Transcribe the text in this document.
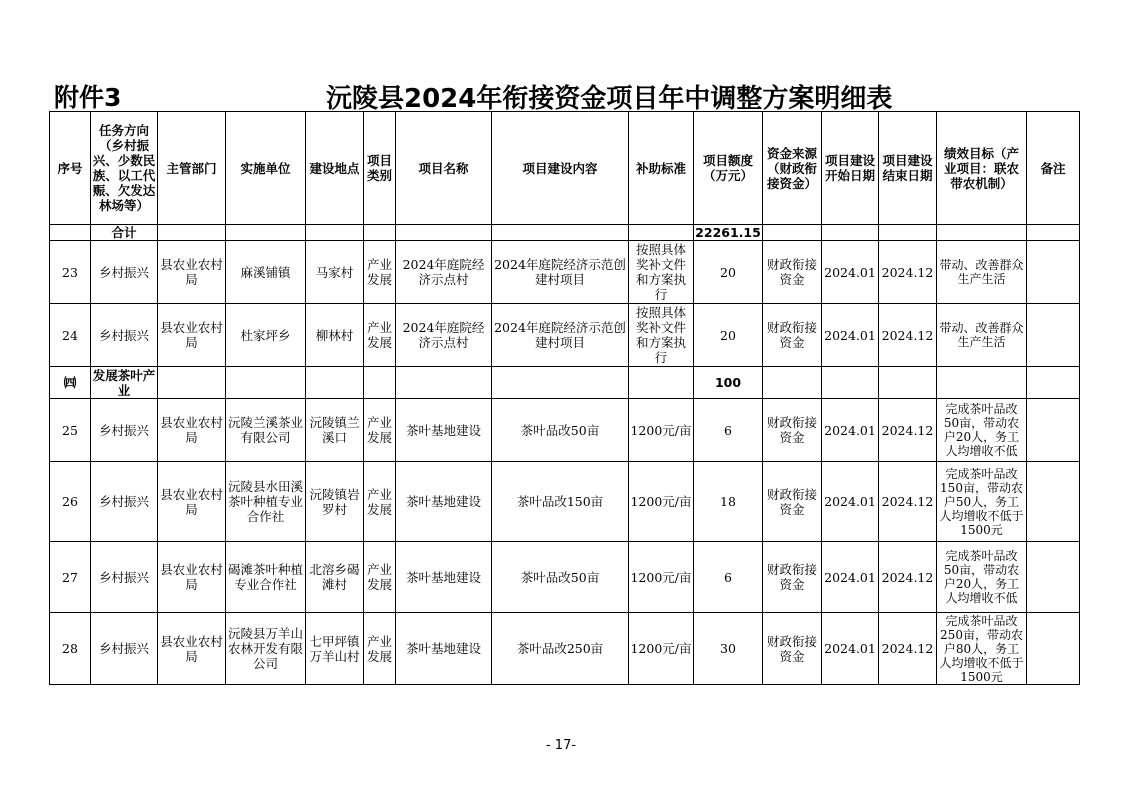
附件3	沅陵县2024年衔接资金项目年中调整方案明细表
序号	任务方向（乡村振兴、少数民族、以工代赈、欠发达林场等）	主管部门	实施单位	建设地点	项目类别	项目名称	项目建设内容	补助标准	项目额度（万元）	资金来源（财政衔接资金）	项目建设开始日期	项目建设结束日期	绩效目标（产业项目：联农带农机制）	备注
	合计								22261.15					
23	乡村振兴	县农业农村局	麻溪铺镇	马家村	产业发展	2024年庭院经济示点村	2024年庭院经济示范创建村项目	按照具体奖补文件和方案执行	20	财政衔接资金	2024.01	2024.12	带动、改善群众生产生活	
24	乡村振兴	县农业农村局	杜家坪乡	柳林村	产业发展	2024年庭院经济示点村	2024年庭院经济示范创建村项目	按照具体奖补文件和方案执行	20	财政衔接资金	2024.01	2024.12	带动、改善群众生产生活	
㈣	发展茶叶产业								100					
25	乡村振兴	县农业农村局	沅陵兰溪茶业有限公司	沅陵镇兰溪口	产业发展	茶叶基地建设	茶叶品改50亩	1200元/亩	6	财政衔接资金	2024.01	2024.12	完成茶叶品改50亩，带动农户20人，务工人均增收不低	
26	乡村振兴	县农业农村局	沅陵县水田溪茶叶种植专业合作社	沅陵镇岩罗村	产业发展	茶叶基地建设	茶叶品改150亩	1200元/亩	18	财政衔接资金	2024.01	2024.12	完成茶叶品改150亩，带动农户50人，务工人均增收不低于1500元	
27	乡村振兴	县农业农村局	碣滩茶叶种植专业合作社	北溶乡碣滩村	产业发展	茶叶基地建设	茶叶品改50亩	1200元/亩	6	财政衔接资金	2024.01	2024.12	完成茶叶品改50亩，带动农户20人，务工人均增收不低	
28	乡村振兴	县农业农村局	沅陵县万羊山农林开发有限公司	七甲坪镇万羊山村	产业发展	茶叶基地建设	茶叶品改250亩	1200元/亩	30	财政衔接资金	2024.01	2024.12	完成茶叶品改250亩，带动农户80人，务工人均增收不低于1500元	
- 17-
